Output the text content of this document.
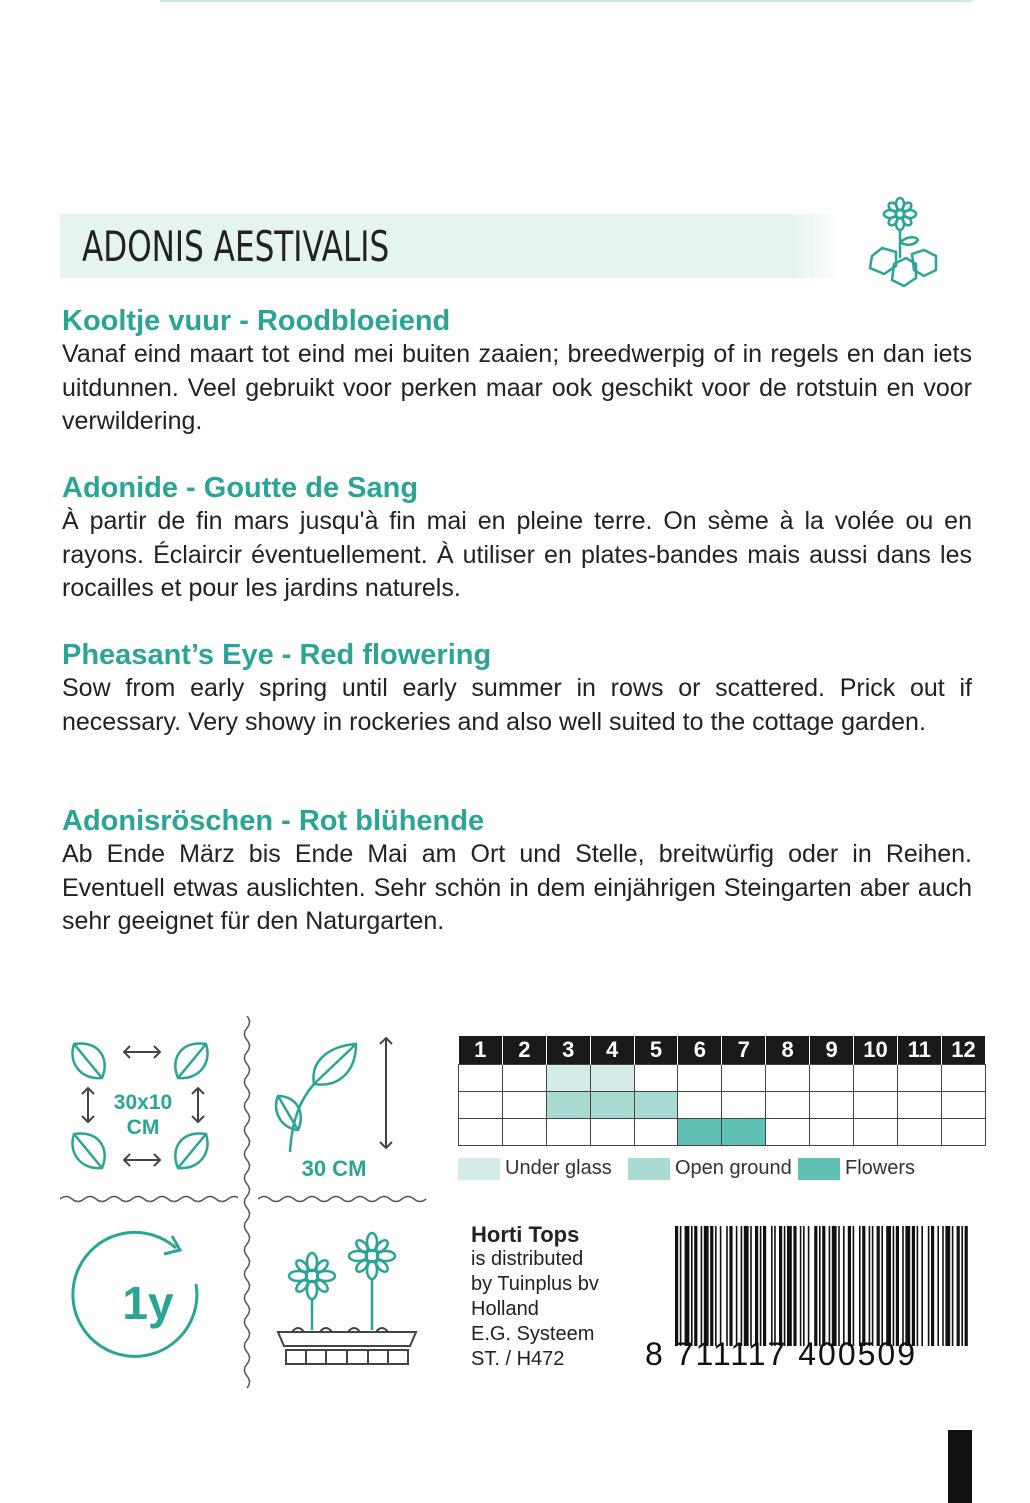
ADONIS AESTIVALIS
Kooltje vuur - Roodbloeiend

Vanaf eind maart tot eind mei buiten zaaien; breedwerpig of in regels en dan iets uitdunnen. Veel gebruikt voor perken maar ook geschikt voor de rotstuin en voor verwildering.

Adonide - Goutte de Sang

À partir de fin mars jusqu'à fin mai en pleine terre. On sème à la volée ou en rayons. Éclaircir éventuellement. À utiliser en plates-bandes mais aussi dans les rocailles et pour les jardins naturels.

Pheasant’s Eye - Red flowering

Sow from early spring until early summer in rows or scattered. Prick out if necessary. Very showy in rockeries and also well suited to the cottage garden.

Adonisröschen - Rot blühende

Ab Ende März bis Ende Mai am Ort und Stelle, breitwürfig oder in Reihen. Eventuell etwas auslichten. Sehr schön in dem einjährigen Steingarten aber auch sehr geeignet für den Naturgarten.

30x10
CM
30 CM
1	2	3	4	5	6	7	8	9	10	11	12

Under glass	Open ground	Flowers
1y
Horti Tops
is distributed
by Tuinplus bv
Holland
E.G. Systeem
ST. / H472	8 711117 400509
